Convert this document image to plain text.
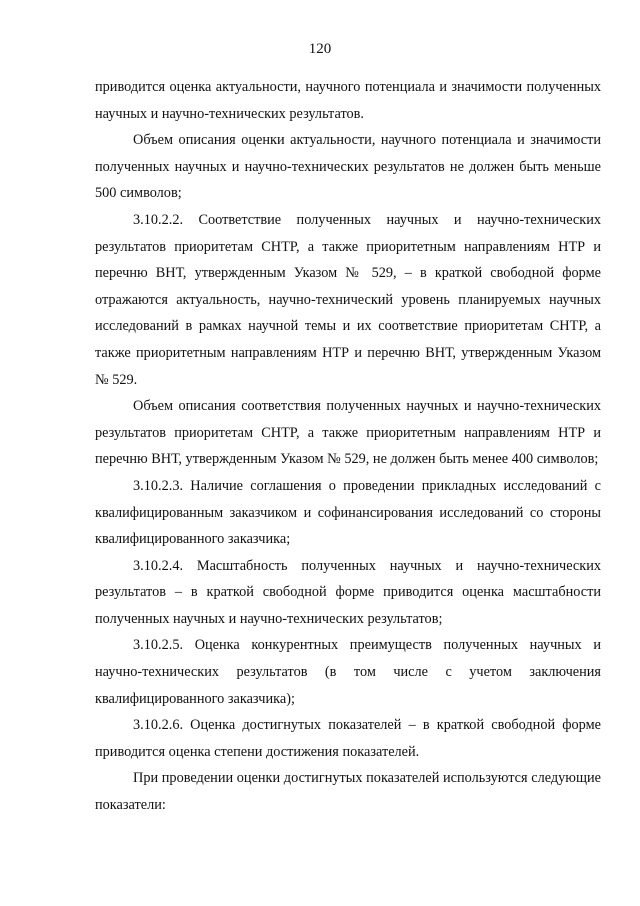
120

приводится оценка актуальности, научного потенциала и значимости полученных научных и научно-технических результатов.

Объем описания оценки актуальности, научного потенциала и значимости полученных научных и научно-технических результатов не должен быть меньше 500 символов;

3.10.2.2. Соответствие полученных научных и научно-технических результатов приоритетам СНТР, а также приоритетным направлениям НТР и перечню ВНТ, утвержденным Указом № 529, – в краткой свободной форме отражаются актуальность, научно-технический уровень планируемых научных исследований в рамках научной темы и их соответствие приоритетам СНТР, а также приоритетным направлениям НТР и перечню ВНТ, утвержденным Указом № 529.

Объем описания соответствия полученных научных и научно-технических результатов приоритетам СНТР, а также приоритетным направлениям НТР и перечню ВНТ, утвержденным Указом № 529, не должен быть менее 400 символов;

3.10.2.3. Наличие соглашения о проведении прикладных исследований с квалифицированным заказчиком и софинансирования исследований со стороны квалифицированного заказчика;

3.10.2.4. Масштабность полученных научных и научно-технических результатов – в краткой свободной форме приводится оценка масштабности полученных научных и научно-технических результатов;

3.10.2.5. Оценка конкурентных преимуществ полученных научных и научно-технических результатов (в том числе с учетом заключения квалифицированного заказчика);

3.10.2.6. Оценка достигнутых показателей – в краткой свободной форме приводится оценка степени достижения показателей.

При проведении оценки достигнутых показателей используются следующие показатели:
